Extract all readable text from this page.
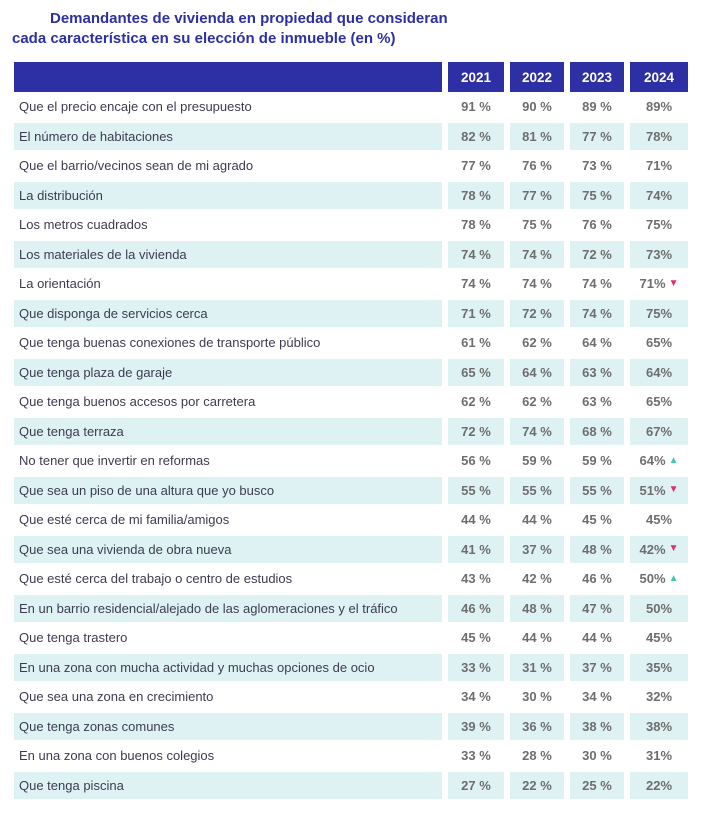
Demandantes de vivienda en propiedad que consideran
cada característica en su elección de inmueble (en %)
2021	2022	2023	2024
Que el precio encaje con el presupuesto	91 %	90 %	89 %	89%
El número de habitaciones	82 %	81 %	77 %	78%
Que el barrio/vecinos sean de mi agrado	77 %	76 %	73 %	71%
La distribución	78 %	77 %	75 %	74%
Los metros cuadrados	78 %	75 %	76 %	75%
Los materiales de la vivienda	74 %	74 %	72 %	73%
La orientación	74 %	74 %	74 %	71% ▼
Que disponga de servicios cerca	71 %	72 %	74 %	75%
Que tenga buenas conexiones de transporte público	61 %	62 %	64 %	65%
Que tenga plaza de garaje	65 %	64 %	63 %	64%
Que tenga buenos accesos por carretera	62 %	62 %	63 %	65%
Que tenga terraza	72 %	74 %	68 %	67%
No tener que invertir en reformas	56 %	59 %	59 %	64% ▲
Que sea un piso de una altura que yo busco	55 %	55 %	55 %	51% ▼
Que esté cerca de mi familia/amigos	44 %	44 %	45 %	45%
Que sea una vivienda de obra nueva	41 %	37 %	48 %	42% ▼
Que esté cerca del trabajo o centro de estudios	43 %	42 %	46 %	50% ▲
En un barrio residencial/alejado de las aglomeraciones y el tráfico	46 %	48 %	47 %	50%
Que tenga trastero	45 %	44 %	44 %	45%
En una zona con mucha actividad y muchas opciones de ocio	33 %	31 %	37 %	35%
Que sea una zona en crecimiento	34 %	30 %	34 %	32%
Que tenga zonas comunes	39 %	36 %	38 %	38%
En una zona con buenos colegios	33 %	28 %	30 %	31%
Que tenga piscina	27 %	22 %	25 %	22%
